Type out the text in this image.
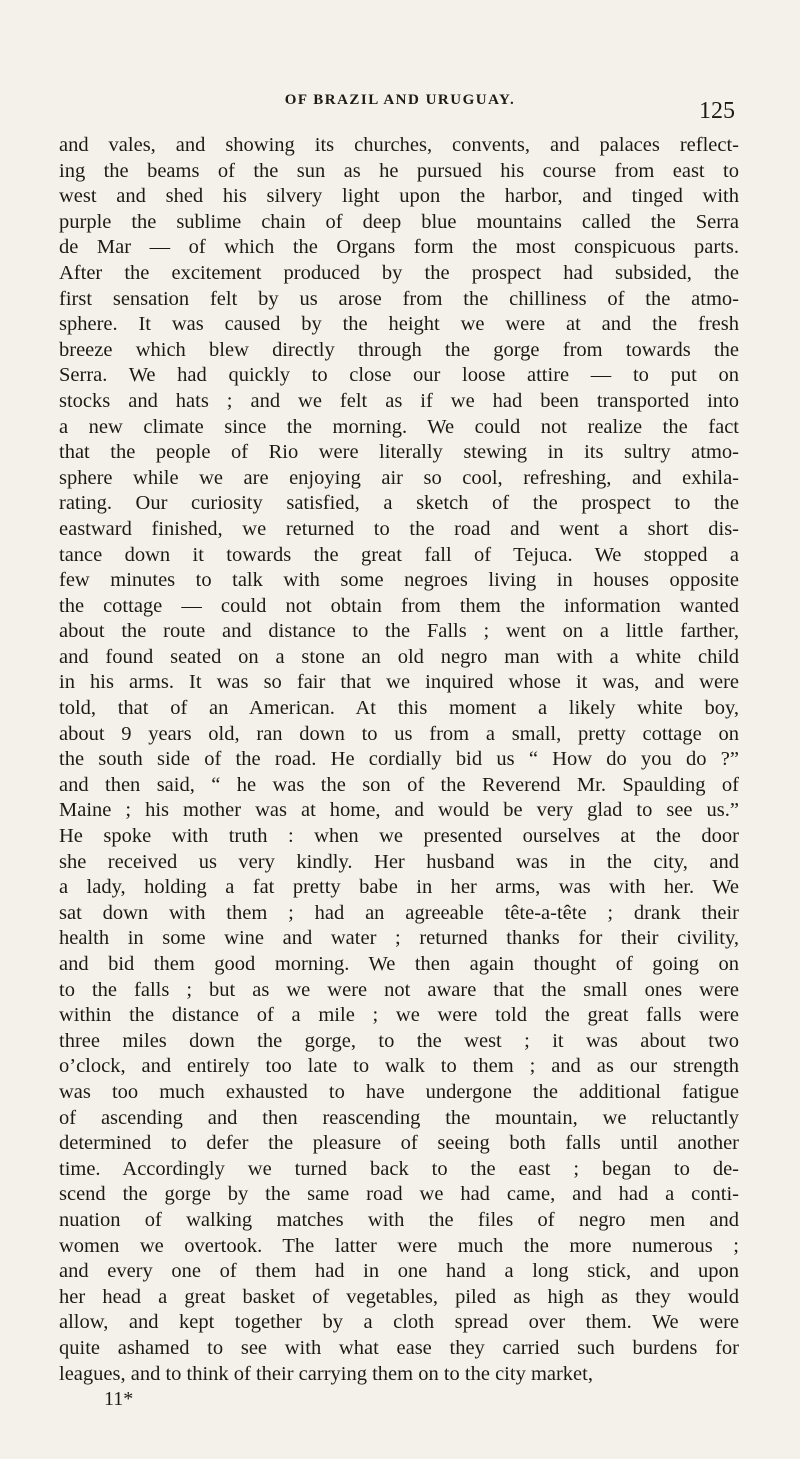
OF BRAZIL AND URUGUAY.	125
and vales, and showing its churches, convents, and palaces reflect-
ing the beams of the sun as he pursued his course from east to
west and shed his silvery light upon the harbor, and tinged with
purple the sublime chain of deep blue mountains called the Serra
de Mar — of which the Organs form the most conspicuous parts.
After the excitement produced by the prospect had subsided, the
first sensation felt by us arose from the chilliness of the atmo-
sphere. It was caused by the height we were at and the fresh
breeze which blew directly through the gorge from towards the
Serra. We had quickly to close our loose attire — to put on
stocks and hats ; and we felt as if we had been transported into
a new climate since the morning. We could not realize the fact
that the people of Rio were literally stewing in its sultry atmo-
sphere while we are enjoying air so cool, refreshing, and exhila-
rating. Our curiosity satisfied, a sketch of the prospect to the
eastward finished, we returned to the road and went a short dis-
tance down it towards the great fall of Tejuca. We stopped a
few minutes to talk with some negroes living in houses opposite
the cottage — could not obtain from them the information wanted
about the route and distance to the Falls ; went on a little farther,
and found seated on a stone an old negro man with a white child
in his arms. It was so fair that we inquired whose it was, and were
told, that of an American. At this moment a likely white boy,
about 9 years old, ran down to us from a small, pretty cottage on
the south side of the road. He cordially bid us “ How do you do ?”
and then said, “ he was the son of the Reverend Mr. Spaulding of
Maine ; his mother was at home, and would be very glad to see us.”
He spoke with truth : when we presented ourselves at the door
she received us very kindly. Her husband was in the city, and
a lady, holding a fat pretty babe in her arms, was with her. We
sat down with them ; had an agreeable tête-a-tête ; drank their
health in some wine and water ; returned thanks for their civility,
and bid them good morning. We then again thought of going on
to the falls ; but as we were not aware that the small ones were
within the distance of a mile ; we were told the great falls were
three miles down the gorge, to the west ; it was about two
o’clock, and entirely too late to walk to them ; and as our strength
was too much exhausted to have undergone the additional fatigue
of ascending and then reascending the mountain, we reluctantly
determined to defer the pleasure of seeing both falls until another
time. Accordingly we turned back to the east ; began to de-
scend the gorge by the same road we had came, and had a conti-
nuation of walking matches with the files of negro men and
women we overtook. The latter were much the more numerous ;
and every one of them had in one hand a long stick, and upon
her head a great basket of vegetables, piled as high as they would
allow, and kept together by a cloth spread over them. We were
quite ashamed to see with what ease they carried such burdens for
leagues, and to think of their carrying them on to the city market,
11*
